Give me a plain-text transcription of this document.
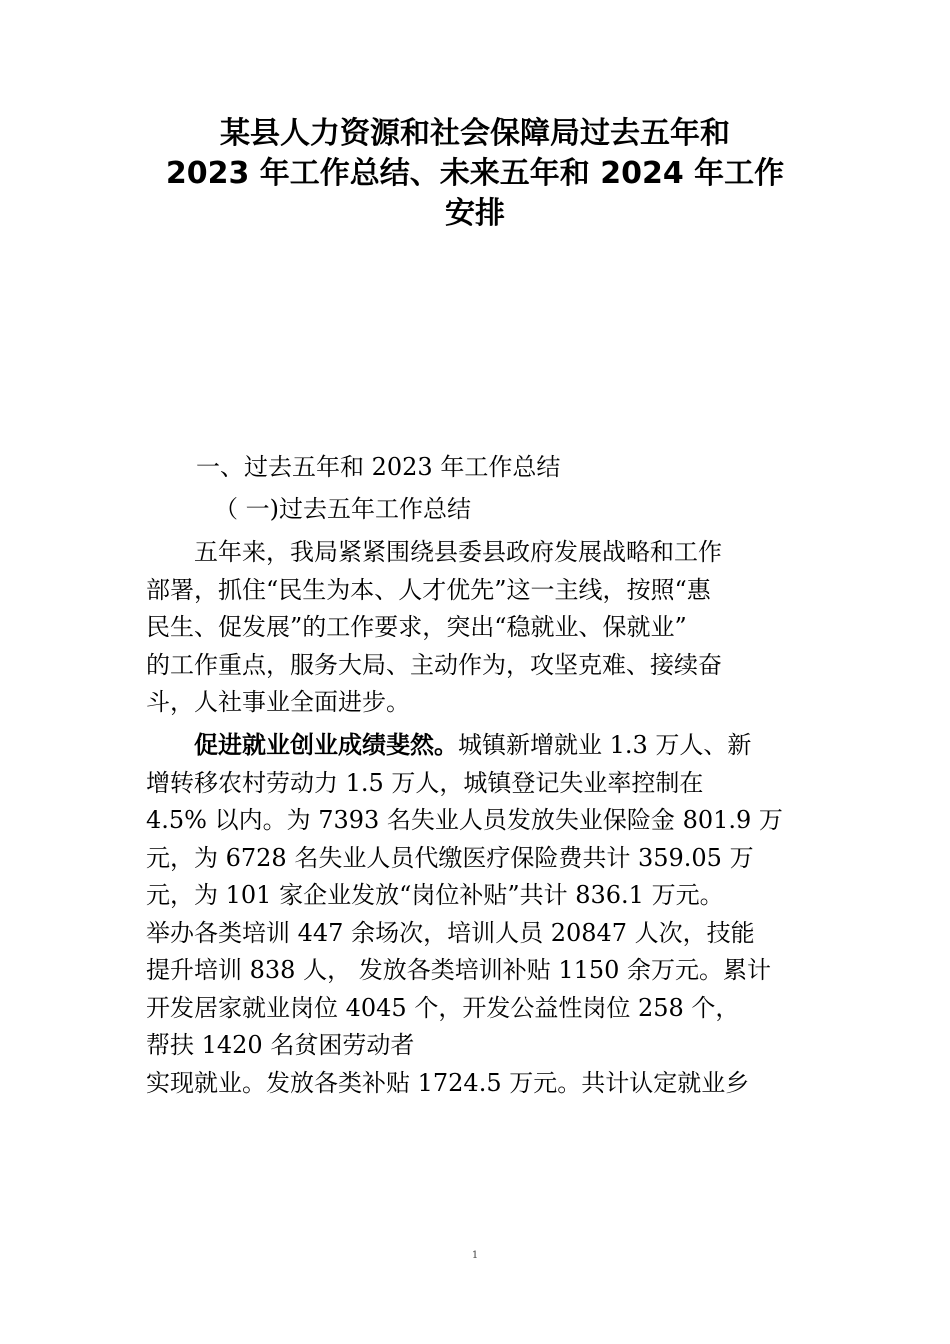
某县人力资源和社会保障局过去五年和
2023 年工作总结、未来五年和 2024 年工作
安排
一、过去五年和 2023 年工作总结
（ 一)过去五年工作总结
五年来，我局紧紧围绕县委县政府发展战略和工作
部署，抓住“民生为本、人才优先”这一主线，按照“惠
民生、促发展”的工作要求，突出“稳就业、保就业”
的工作重点，服务大局、主动作为，攻坚克难、接续奋
斗，人社事业全面进步。
促进就业创业成绩斐然。城镇新增就业 1.3 万人、新
增转移农村劳动力 1.5 万人，城镇登记失业率控制在
4.5% 以内。为 7393 名失业人员发放失业保险金 801.9 万
元，为 6728 名失业人员代缴医疗保险费共计 359.05 万
元，为 101 家企业发放“岗位补贴”共计 836.1 万元。
举办各类培训 447 余场次，培训人员 20847 人次，技能
提升培训 838 人， 发放各类培训补贴 1150 余万元。累计
开发居家就业岗位 4045 个，开发公益性岗位 258 个，
帮扶 1420 名贫困劳动者
实现就业。发放各类补贴 1724.5 万元。共计认定就业乡
1
